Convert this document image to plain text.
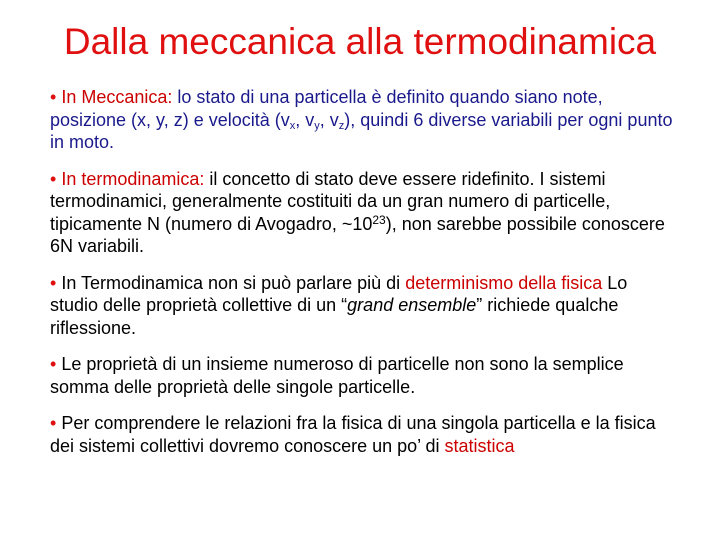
Dalla meccanica alla termodinamica

• In Meccanica: lo stato di una particella è definito quando siano note, posizione (x, y, z) e velocità ($v_x$, $v_y$, $v_z$), quindi 6 diverse variabili per ogni punto in moto.

• In termodinamica: il concetto di stato deve essere ridefinito. I sistemi termodinamici, generalmente costituiti da un gran numero di particelle, tipicamente N (numero di Avogadro, $\sim 10^{23}$), non sarebbe possibile conoscere 6N variabili.

• In Termodinamica non si può parlare più di determinismo della fisica Lo studio delle proprietà collettive di un “grand ensemble” richiede qualche riflessione.

• Le proprietà di un insieme numeroso di particelle non sono la semplice somma delle proprietà delle singole particelle.

• Per comprendere le relazioni fra la fisica di una singola particella e la fisica dei sistemi collettivi dovremo conoscere un po’ di statistica
